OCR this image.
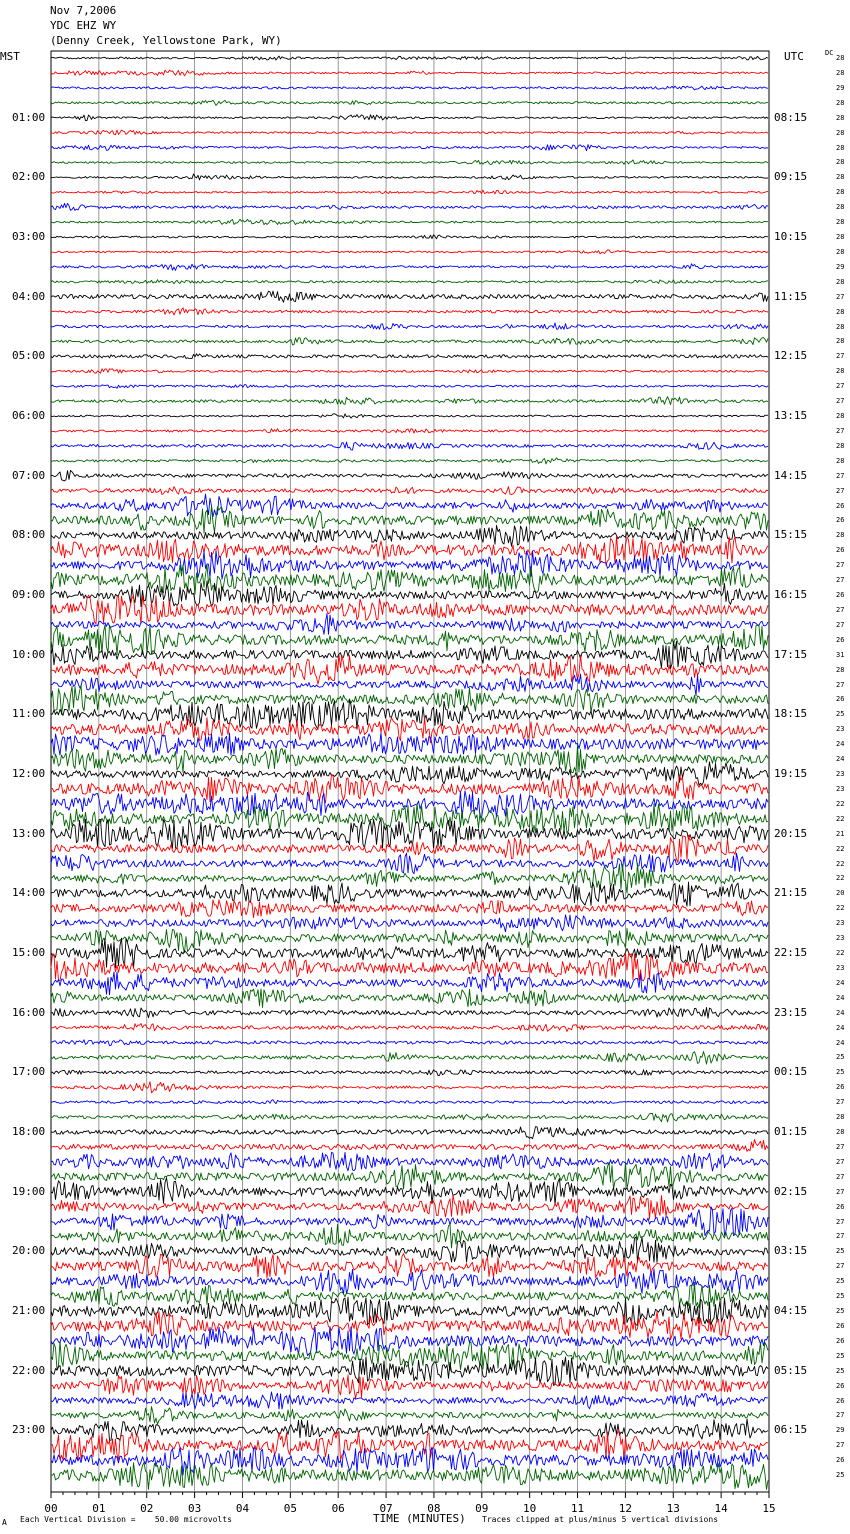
Nov 7,2006
YDC EHZ WY
(Denny Creek, Yellowstone Park, WY)
MST	UTC	DC
01:00
02:00
03:00
04:00
05:00
06:00
07:00
08:00
09:00
10:00
11:00
12:00
13:00
14:00
15:00
16:00
17:00
18:00
19:00
20:00
21:00
22:00
23:00
08:15
09:15
10:15
11:15
12:15
13:15
14:15
15:15
16:15
17:15
18:15
19:15
20:15
21:15
22:15
23:15
00:15
01:15
02:15
03:15
04:15
05:15
06:15
28
28
29
28
28
28
28
28
28
28
28
28
28
28
29
28
27
28
28
28
27
28
27
27
28
27
28
28
27
27
26
26
28
26
27
27
26
27
27
26
31
28
27
26
25
23
24
24
23
23
22
22
21
22
22
22
20
22
23
23
22
23
24
24
24
24
24
25
25
26
27
28
28
27
27
27
27
26
27
27
25
27
25
25
25
26
26
25
25
26
26
27
29
27
26
25
00	01	02	03	04	05	06	07	08	09	10	11	12	13	14	15
A Each Vertical Division =    50.00 microvolts	TIME (MINUTES) Traces clipped at plus/minus 5 vertical divisions
